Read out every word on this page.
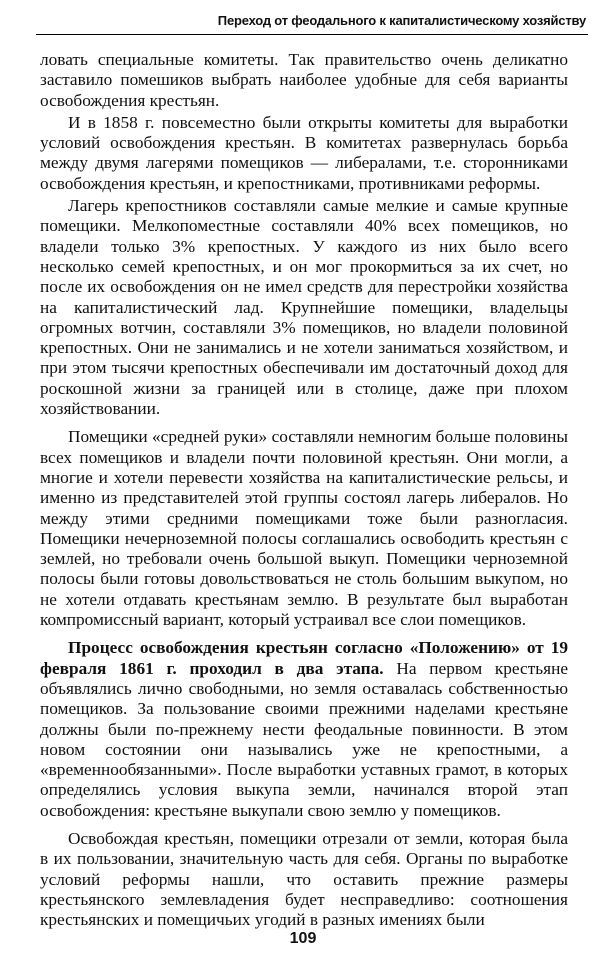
Переход от феодального к капиталистическому хозяйству

ловать специальные комитеты. Так правительство очень деликатно заставило помешиков выбрать наиболее удобные для себя варианты освобождения крестьян.

И в 1858 г. повсеместно были открыты комитеты для выработки условий освобождения крестьян. В комитетах развернулась борьба между двумя лагерями помещиков — либералами, т.е. сторонниками освобождения крестьян, и крепостниками, противниками реформы.

Лагерь крепостников составляли самые мелкие и самые крупные помещики. Мелкопоместные составляли 40% всех помещиков, но владели только 3% крепостных. У каждого из них было всего несколько семей крепостных, и он мог прокормиться за их счет, но после их освобождения он не имел средств для перестройки хозяйства на капиталистический лад. Крупнейшие помещики, владельцы огромных вотчин, составляли 3% помещиков, но владели половиной крепостных. Они не занимались и не хотели заниматься хозяйством, и при этом тысячи крепостных обеспечивали им достаточный доход для роскошной жизни за границей или в столице, даже при плохом хозяйствовании.

Помещики «средней руки» составляли немногим больше половины всех помещиков и владели почти половиной крестьян. Они могли, а многие и хотели перевести хозяйства на капиталистические рельсы, и именно из представителей этой группы состоял лагерь либералов. Но между этими средними помещиками тоже были разногласия. Помещики нечерноземной полосы соглашались освободить крестьян с землей, но требовали очень большой выкуп. Помещики черноземной полосы были готовы довольствоваться не столь большим выкупом, но не хотели отдавать крестьянам землю. В результате был выработан компромиссный вариант, который устраивал все слои помещиков.

Процесс освобождения крестьян согласно «Положению» от 19 февраля 1861 г. проходил в два этапа. На первом крестьяне объявлялись лично свободными, но земля оставалась собственностью помещиков. За пользование своими прежними наделами крестьяне должны были по-прежнему нести феодальные повинности. В этом новом состоянии они назывались уже не крепостными, а «временнообязанными». После выработки уставных грамот, в которых определялись условия выкупа земли, начинался второй этап освобождения: крестьяне выкупали свою землю у помещиков.

Освобождая крестьян, помещики отрезали от земли, которая была в их пользовании, значительную часть для себя. Органы по выработке условий реформы нашли, что оставить прежние размеры крестьянского землевладения будет несправедливо: соотношения крестьянских и помещичьих угодий в разных имениях были

109
